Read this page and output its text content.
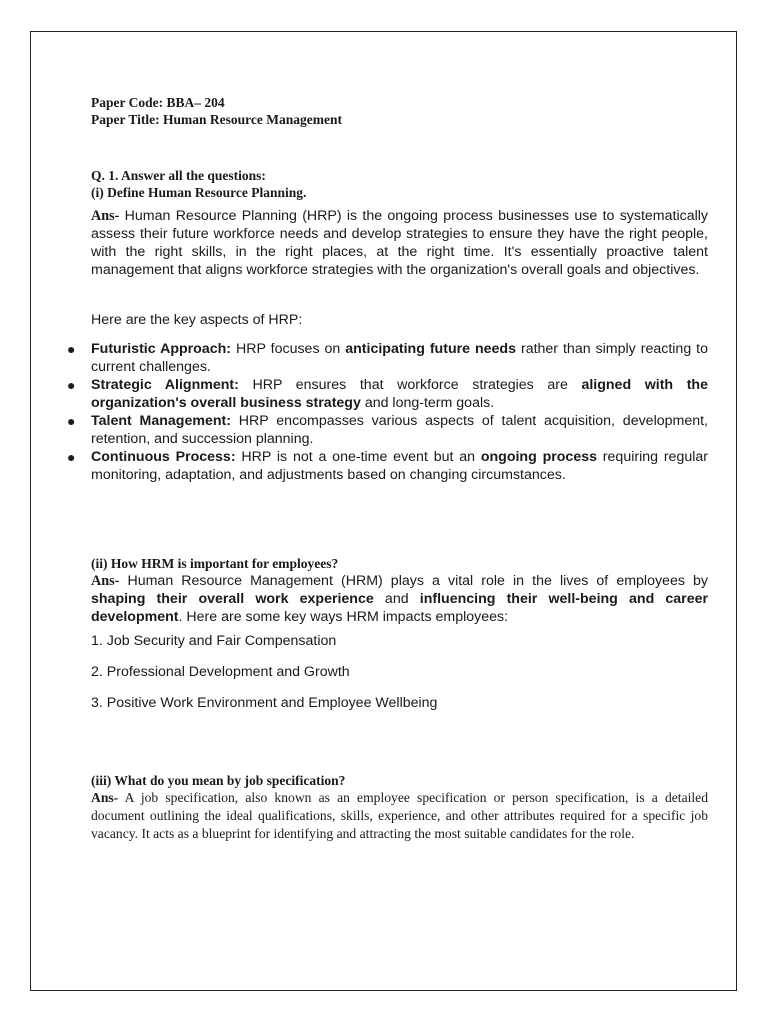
Paper Code: BBA– 204
Paper Title: Human Resource Management
Q. 1. Answer all the questions:
(i) Define Human Resource Planning.
Ans- Human Resource Planning (HRP) is the ongoing process businesses use to systematically assess their future workforce needs and develop strategies to ensure they have the right people, with the right skills, in the right places, at the right time. It's essentially proactive talent management that aligns workforce strategies with the organization's overall goals and objectives.
Here are the key aspects of HRP:
● Futuristic Approach: HRP focuses on anticipating future needs rather than simply reacting to current challenges.
● Strategic Alignment: HRP ensures that workforce strategies are aligned with the organization's overall business strategy and long-term goals.
● Talent Management: HRP encompasses various aspects of talent acquisition, development, retention, and succession planning.
● Continuous Process: HRP is not a one-time event but an ongoing process requiring regular monitoring, adaptation, and adjustments based on changing circumstances.
(ii) How HRM is important for employees?
Ans- Human Resource Management (HRM) plays a vital role in the lives of employees by shaping their overall work experience and influencing their well-being and career development. Here are some key ways HRM impacts employees:
1. Job Security and Fair Compensation
2. Professional Development and Growth
3. Positive Work Environment and Employee Wellbeing
(iii) What do you mean by job specification?
Ans- A job specification, also known as an employee specification or person specification, is a detailed document outlining the ideal qualifications, skills, experience, and other attributes required for a specific job vacancy. It acts as a blueprint for identifying and attracting the most suitable candidates for the role.
